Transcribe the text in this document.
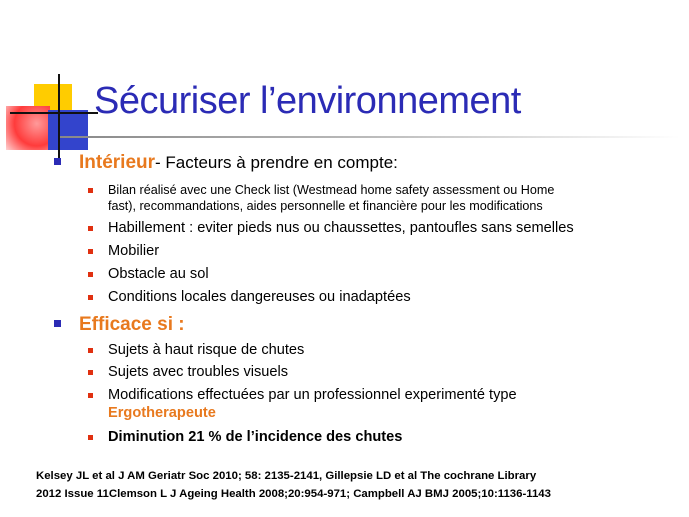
Sécuriser l’environnement
Intérieur - Facteurs à prendre en compte:
Bilan réalisé avec une Check list (Westmead home safety assessment ou Home
fast), recommandations, aides personnelle et financière pour les modifications
Habillement : eviter pieds nus ou chaussettes, pantoufles sans semelles
Mobilier
Obstacle au sol
Conditions locales dangereuses ou inadaptées
Efficace si :
Sujets à haut risque de chutes
Sujets avec troubles visuels
Modifications effectuées par un professionnel experimenté type
Ergotherapeute
Diminution 21 % de l’incidence des chutes
Kelsey JL et al J AM Geriatr Soc 2010; 58: 2135-2141, Gillepsie LD et al The cochrane Library
2012 Issue 11Clemson L J Ageing Health 2008;20:954-971; Campbell AJ BMJ 2005;10:1136-1143
